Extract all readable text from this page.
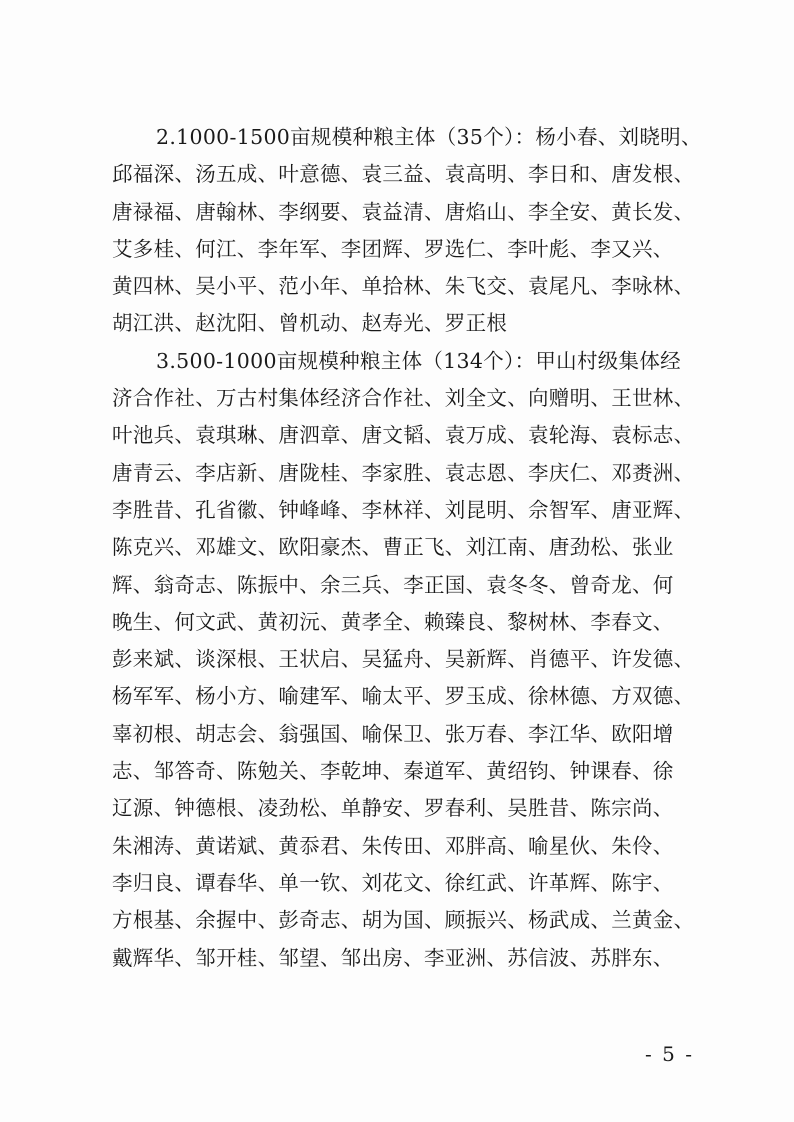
2.1000-1500亩规模种粮主体（35个）：杨小春、刘晓明、
邱福深、汤五成、叶意德、袁三益、袁高明、李日和、唐发根、
唐禄福、唐翰林、李纲要、袁益清、唐焰山、李全安、黄长发、
艾多桂、何江、李年军、李团辉、罗选仁、李叶彪、李又兴、
黄四林、吴小平、范小年、单拾林、朱飞交、袁尾凡、李咏林、
胡江洪、赵沈阳、曾机动、赵寿光、罗正根
3.500-1000亩规模种粮主体（134个）：甲山村级集体经
济合作社、万古村集体经济合作社、刘全文、向赠明、王世林、
叶池兵、袁琪琳、唐泗章、唐文韬、袁万成、袁轮海、袁标志、
唐青云、李店新、唐陇桂、李家胜、袁志恩、李庆仁、邓赉洲、
李胜昔、孔省徽、钟峰峰、李林祥、刘昆明、佘智军、唐亚辉、
陈克兴、邓雄文、欧阳豪杰、曹正飞、刘江南、唐劲松、张业
辉、翁奇志、陈振中、余三兵、李正国、袁冬冬、曾奇龙、何
晚生、何文武、黄初沅、黄孝全、赖臻良、黎树林、李春文、
彭来斌、谈深根、王状启、吴猛舟、吴新辉、肖德平、许发德、
杨军军、杨小方、喻建军、喻太平、罗玉成、徐林德、方双德、
辜初根、胡志会、翁强国、喻保卫、张万春、李江华、欧阳增
志、邹答奇、陈勉关、李乾坤、秦道军、黄绍钧、钟课春、徐
辽源、钟德根、凌劲松、单静安、罗春利、吴胜昔、陈宗尚、
朱湘涛、黄诺斌、黄忝君、朱传田、邓胖高、喻星伙、朱伶、
李归良、谭春华、单一钦、刘花文、徐红武、许革辉、陈宇、
方根基、余握中、彭奇志、胡为国、顾振兴、杨武成、兰黄金、
戴辉华、邹开桂、邹望、邹出房、李亚洲、苏信波、苏胖东、
- 5 -
